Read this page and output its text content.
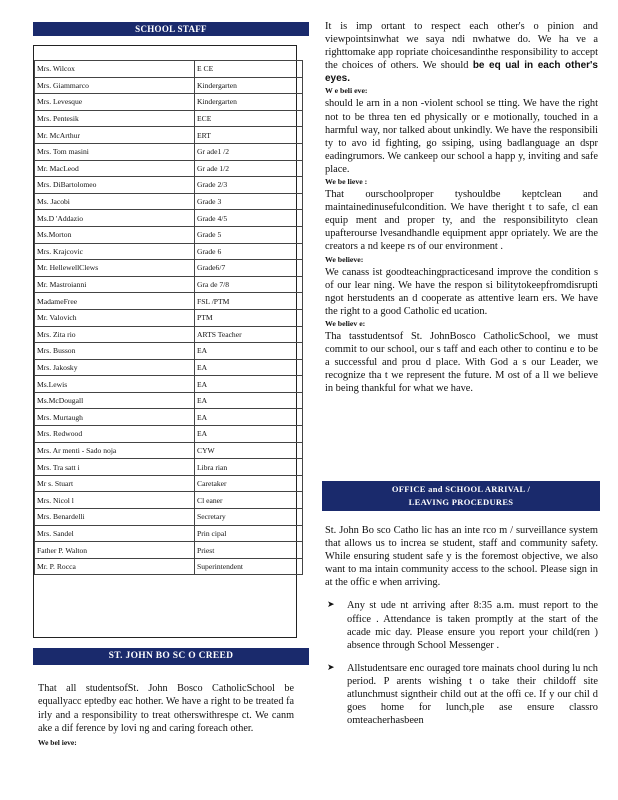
SCHOOL STAFF
Mrs. Wilcox	E CE
Mrs. Giammarco	Kindergarten
Mrs. Levesque	Kindergarten
Mrs. Pentesik	ECE
Mr. McArthur	ERT
Mrs. Tom masini	Gr ade1 /2
Mr. MacLeod	Gr ade 1/2
Mrs. DiBartolomeo	Grade 2/3
Ms. Jacobi	Grade 3
Ms.D 'Addazio	Grade 4/5
Ms.Morton	Grade 5
Mrs. Krajcovic	Grade 6
Mr. HellewellClews	Grade6/7
Mr. Mastroianni	Gra de 7/8
MadameFree	FSL /PTM
Mr. Valovich	PTM
Mrs. Zita rio	ARTS Teacher
Mrs. Busson	EA
Mrs. Jakosky	EA
Ms.Lewis	EA
Ms.McDougall	EA
Mrs. Murtaugh	EA
Mrs. Redwood	EA
Mrs. Ar menti - Sado noja	CYW
Mrs. Tra satt i	Libra rian
Mr s. Stuart	Caretaker
Mrs. Nicol l	Cl eaner
Mrs. Benardelli	Secretary
Mrs. Sandel	Prin cipal
Father P. Walton	Priest
Mr. P. Rocca	Superintendent
ST. JOHN BO SC O CREED
That all studentsofSt. John Bosco CatholicSchool be equallyacc eptedby eac hother. We have a right to be treated fa irly and a responsibility to treat otherswithrespe ct. We canm ake a dif ference by lovi ng and caring foreach other.
We bel ieve:

It is imp ortant to respect each other's o pinion and viewpointsinwhat we saya ndi nwhatwe do. We ha ve a righttomake app ropriate choicesandinthe responsibility to accept the choices of others. We should be eq ual in each other's eyes.

W e beli eve:

should le arn in a non -violent school se tting. We have the right not to be threa ten ed physically or e motionally, touched in a harmful way, nor talked about unkindly. We have the responsibili ty to avo id fighting, go ssiping, using badlanguage an dspr eadingrumors. We cankeep our school a happ y, inviting and safe place.

We be lieve :

That ourschoolproper tyshouldbe keptclean and maintainedinusefulcondition. We have theright t to safe, cl ean equip ment and proper ty, and the responsibilityto clean upafterourse lvesandhandle equipment appr opriately. We are the creators a nd keepe rs of our environment .

We believe:

We canass ist goodteachingpracticesand improve the condition s of our lear ning. We have the respon si bilitytokeepfromdisrupti ngot herstudents an d cooperate as attentive learn ers. We have the right to a good Catholic ed ucation.

We believ e:

Tha tasstudentsof St. JohnBosco CatholicSchool, we must commit to our school, our s taff and each other to continu e to be a successful and prou d place. With God a s our Leader, we recognize tha t we represent the future. M ost of a ll we believe in being thankful for what we have.

OFFICE and SCHOOL ARRIVAL /
LEAVING PROCEDURES

St. John Bo sco Catho lic has an inte rco m / surveillance system that allows us to increa se student, staff and community safety. While ensuring student safe y is the foremost objective, we also want to ma intain community access to the school. Please sign in at the offic e when arriving.

➤ Any st ude nt arriving after 8:35 a.m. must report to the office . Attendance is taken promptly at the start of the acade mic day. Please ensure you report your child(ren ) absence through School Messenger .

➤ Allstudentsare enc ouraged tore mainats chool during lu nch period. P arents wishing t o take their childoff site atlunchmust signtheir child out at the offi ce. If y our chil d goes home for lunch,ple ase ensure classro omteacherhasbeen
